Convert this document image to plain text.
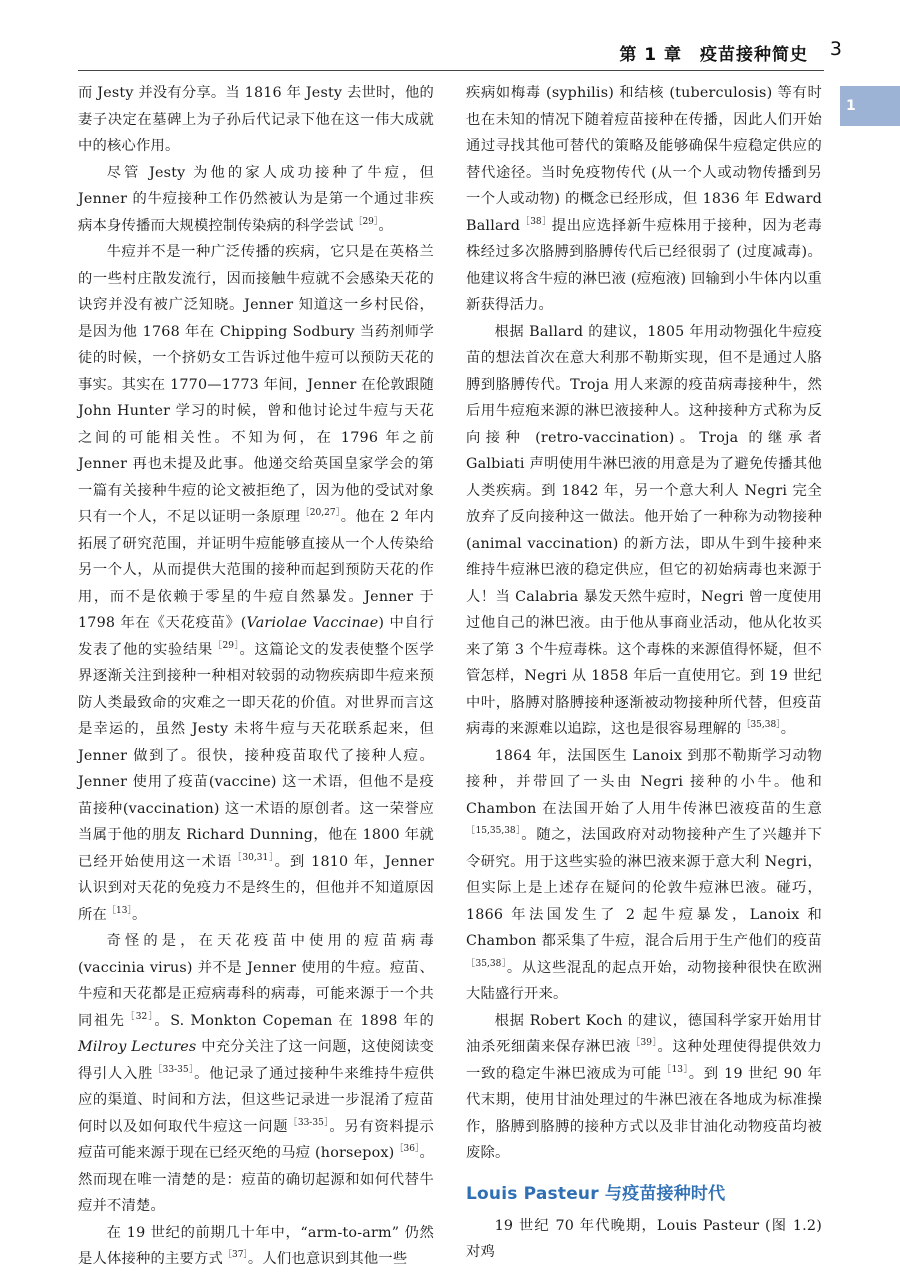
第 1 章　疫苗接种简史 3
1

而 Jesty 并没有分享。当 1816 年 Jesty 去世时，他的妻子决定在墓碑上为子孙后代记录下他在这一伟大成就中的核心作用。

尽管 Jesty 为他的家人成功接种了牛痘，但 Jenner 的牛痘接种工作仍然被认为是第一个通过非疾病本身传播而大规模控制传染病的科学尝试$^{[29]}$。

牛痘并不是一种广泛传播的疾病，它只是在英格兰的一些村庄散发流行，因而接触牛痘就不会感染天花的诀窍并没有被广泛知晓。Jenner 知道这一乡村民俗，是因为他 1768 年在 Chipping Sodbury 当药剂师学徒的时候，一个挤奶女工告诉过他牛痘可以预防天花的事实。其实在 1770—1773 年间，Jenner 在伦敦跟随 John Hunter 学习的时候，曾和他讨论过牛痘与天花之间的可能相关性。不知为何，在 1796 年之前 Jenner 再也未提及此事。他递交给英国皇家学会的第一篇有关接种牛痘的论文被拒绝了，因为他的受试对象只有一个人，不足以证明一条原理$^{[20,27]}$。他在 2 年内拓展了研究范围，并证明牛痘能够直接从一个人传染给另一个人，从而提供大范围的接种而起到预防天花的作用，而不是依赖于零星的牛痘自然暴发。Jenner 于 1798 年在《天花疫苗》(Variolae Vaccinae) 中自行发表了他的实验结果$^{[29]}$。这篇论文的发表使整个医学界逐渐关注到接种一种相对较弱的动物疾病即牛痘来预防人类最致命的灾难之一即天花的价值。对世界而言这是幸运的，虽然 Jesty 未将牛痘与天花联系起来，但 Jenner 做到了。很快，接种疫苗取代了接种人痘。Jenner 使用了疫苗(vaccine) 这一术语，但他不是疫苗接种(vaccination) 这一术语的原创者。这一荣誉应当属于他的朋友 Richard Dunning，他在 1800 年就已经开始使用这一术语$^{[30,31]}$。到 1810 年，Jenner 认识到对天花的免疫力不是终生的，但他并不知道原因所在$^{[13]}$。

奇怪的是，在天花疫苗中使用的痘苗病毒 (vaccinia virus) 并不是 Jenner 使用的牛痘。痘苗、牛痘和天花都是正痘病毒科的病毒，可能来源于一个共同祖先$^{[32]}$。S. Monkton Copeman 在 1898 年的 Milroy Lectures 中充分关注了这一问题，这使阅读变得引人入胜$^{[33-35]}$。他记录了通过接种牛来维持牛痘供应的渠道、时间和方法，但这些记录进一步混淆了痘苗何时以及如何取代牛痘这一问题$^{[33-35]}$。另有资料提示痘苗可能来源于现在已经灭绝的马痘 (horsepox)$^{[36]}$。然而现在唯一清楚的是：痘苗的确切起源和如何代替牛痘并不清楚。

在 19 世纪的前期几十年中，“arm-to-arm” 仍然是人体接种的主要方式$^{[37]}$。人们也意识到其他一些

疾病如梅毒 (syphilis) 和结核 (tuberculosis) 等有时也在未知的情况下随着痘苗接种在传播，因此人们开始通过寻找其他可替代的策略及能够确保牛痘稳定供应的替代途径。当时免疫物传代 (从一个人或动物传播到另一个人或动物) 的概念已经形成，但 1836 年 Edward Ballard$^{[38]}$提出应选择新牛痘株用于接种，因为老毒株经过多次胳膊到胳膊传代后已经很弱了 (过度减毒)。他建议将含牛痘的淋巴液 (痘疱液) 回输到小牛体内以重新获得活力。

根据 Ballard 的建议，1805 年用动物强化牛痘疫苗的想法首次在意大利那不勒斯实现，但不是通过人胳膊到胳膊传代。Troja 用人来源的疫苗病毒接种牛，然后用牛痘疱来源的淋巴液接种人。这种接种方式称为反向接种 (retro-vaccination)。Troja 的继承者 Galbiati 声明使用牛淋巴液的用意是为了避免传播其他人类疾病。到 1842 年，另一个意大利人 Negri 完全放弃了反向接种这一做法。他开始了一种称为动物接种 (animal vaccination) 的新方法，即从牛到牛接种来维持牛痘淋巴液的稳定供应，但它的初始病毒也来源于人！当 Calabria 暴发天然牛痘时，Negri 曾一度使用过他自己的淋巴液。由于他从事商业活动，他从化妆买来了第 3 个牛痘毒株。这个毒株的来源值得怀疑，但不管怎样，Negri 从 1858 年后一直使用它。到 19 世纪中叶，胳膊对胳膊接种逐渐被动物接种所代替，但疫苗病毒的来源难以追踪，这也是很容易理解的$^{[35,38]}$。

1864 年，法国医生 Lanoix 到那不勒斯学习动物接种，并带回了一头由 Negri 接种的小牛。他和 Chambon 在法国开始了人用牛传淋巴液疫苗的生意$^{[15,35,38]}$。随之，法国政府对动物接种产生了兴趣并下令研究。用于这些实验的淋巴液来源于意大利 Negri，但实际上是上述存在疑问的伦敦牛痘淋巴液。碰巧，1866 年法国发生了 2 起牛痘暴发，Lanoix 和 Chambon 都采集了牛痘，混合后用于生产他们的疫苗$^{[35,38]}$。从这些混乱的起点开始，动物接种很快在欧洲大陆盛行开来。

根据 Robert Koch 的建议，德国科学家开始用甘油杀死细菌来保存淋巴液$^{[39]}$。这种处理使得提供效力一致的稳定牛淋巴液成为可能$^{[13]}$。到 19 世纪 90 年代末期，使用甘油处理过的牛淋巴液在各地成为标准操作，胳膊到胳膊的接种方式以及非甘油化动物疫苗均被废除。

Louis Pasteur 与疫苗接种时代

19 世纪 70 年代晚期，Louis Pasteur (图 1.2) 对鸡
